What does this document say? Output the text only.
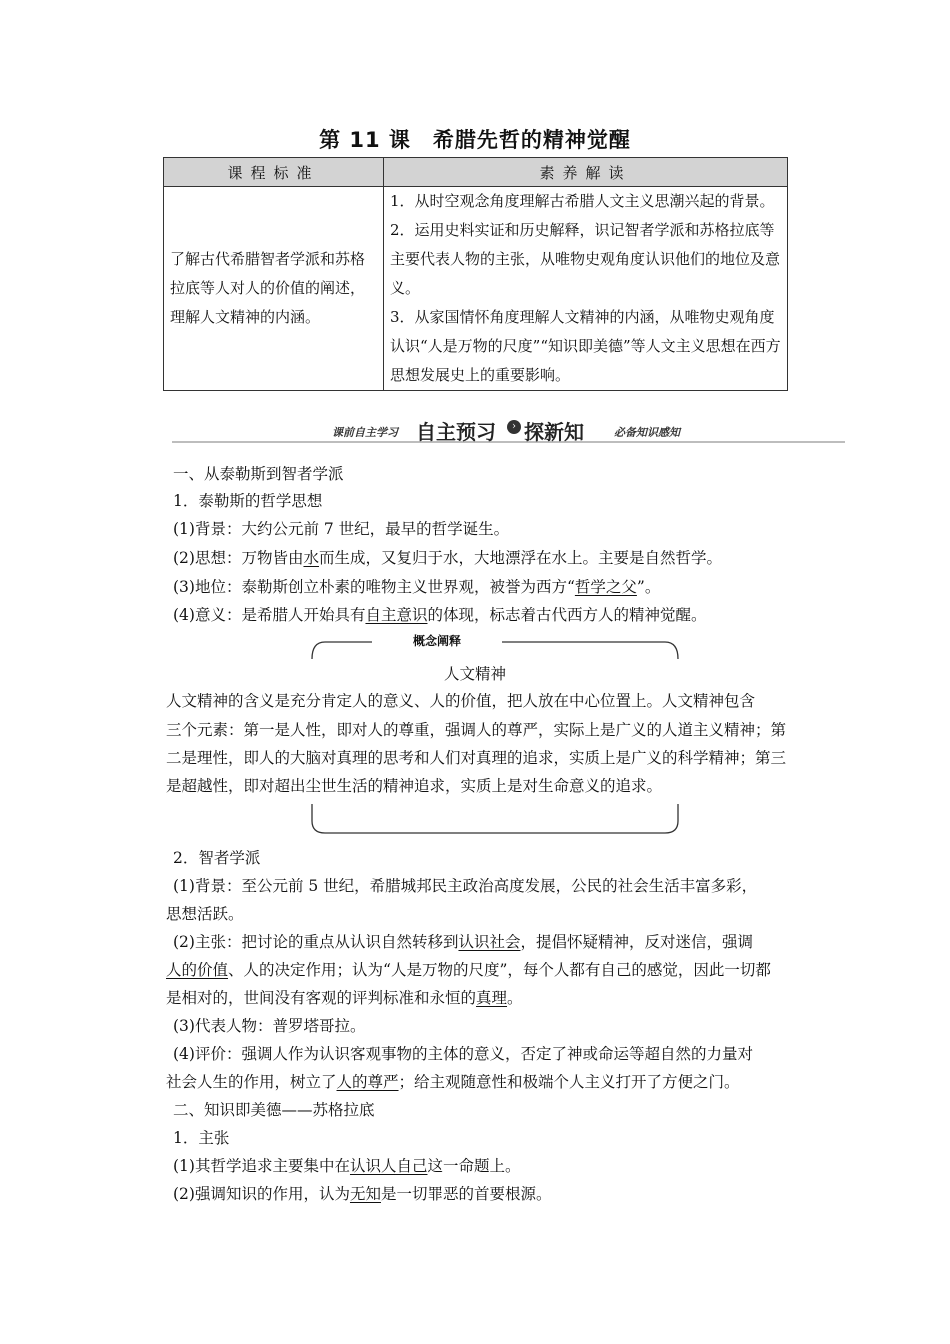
第 11 课 希腊先哲的精神觉醒
课程标准	素养解读
了解古代希腊智者学派和苏格拉底等人对人的价值的阐述，理解人文精神的内涵。	1．从时空观念角度理解古希腊人文主义思潮兴起的背景。
2．运用史料实证和历史解释，识记智者学派和苏格拉底等主要代表人物的主张，从唯物史观角度认识他们的地位及意义。
3．从家国情怀角度理解人文精神的内涵，从唯物史观角度认识“人是万物的尺度”“知识即美德”等人文主义思想在西方思想发展史上的重要影响。
课前自主学习 自主预习	› 探新知	必备知识感知
一、从泰勒斯到智者学派
1．泰勒斯的哲学思想
(1)背景：大约公元前 7 世纪，最早的哲学诞生。
(2)思想：万物皆由水而生成，又复归于水，大地漂浮在水上。主要是自然哲学。
(3)地位：泰勒斯创立朴素的唯物主义世界观，被誉为西方“哲学之父”。
(4)意义：是希腊人开始具有自主意识的体现，标志着古代西方人的精神觉醒。
概念阐释
人文精神
人文精神的含义是充分肯定人的意义、人的价值，把人放在中心位置上。人文精神包含
三个元素：第一是人性，即对人的尊重，强调人的尊严，实际上是广义的人道主义精神；第
二是理性，即人的大脑对真理的思考和人们对真理的追求，实质上是广义的科学精神；第三
是超越性，即对超出尘世生活的精神追求，实质上是对生命意义的追求。
2．智者学派
(1)背景：至公元前 5 世纪，希腊城邦民主政治高度发展，公民的社会生活丰富多彩，
思想活跃。
(2)主张：把讨论的重点从认识自然转移到认识社会，提倡怀疑精神，反对迷信，强调
人的价值、人的决定作用；认为“人是万物的尺度”，每个人都有自己的感觉，因此一切都
是相对的，世间没有客观的评判标准和永恒的真理。
(3)代表人物：普罗塔哥拉。
(4)评价：强调人作为认识客观事物的主体的意义，否定了神或命运等超自然的力量对
社会人生的作用，树立了人的尊严；给主观随意性和极端个人主义打开了方便之门。
二、知识即美德——苏格拉底
1．主张
(1)其哲学追求主要集中在认识人自己这一命题上。
(2)强调知识的作用，认为无知是一切罪恶的首要根源。
